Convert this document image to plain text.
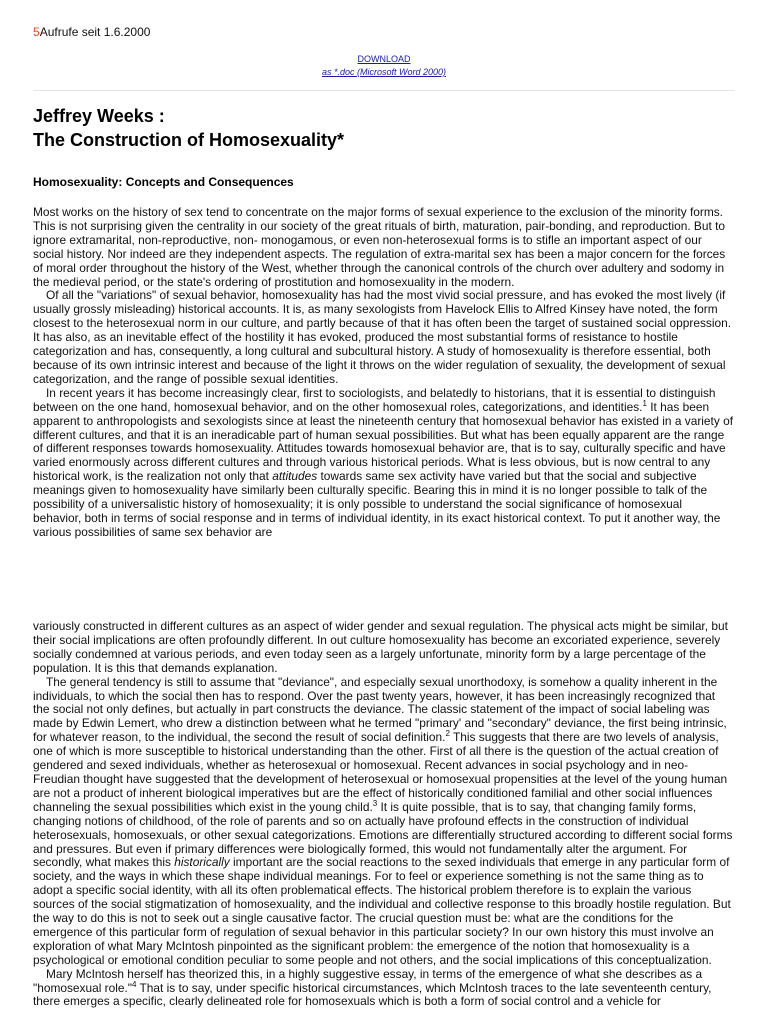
5Aufrufe seit 1.6.2000
DOWNLOAD
as *.doc (Microsoft Word 2000)
Jeffrey Weeks :
The Construction of Homosexuality*
Homosexuality: Concepts and Consequences

Most works on the history of sex tend to concentrate on the major forms of sexual experience to the exclusion of the minority forms. This is not surprising given the centrality in our society of the great rituals of birth, maturation, pair-bonding, and reproduction. But to ignore extramarital, non-reproductive, non- monogamous, or even non-heterosexual forms is to stifle an important aspect of our social history. Nor indeed are they independent aspects. The regulation of extra-marital sex has been a major concern for the forces of moral order throughout the history of the West, whether through the canonical controls of the church over adultery and sodomy in the medieval period, or the state's ordering of prostitution and homosexuality in the modern.

Of all the "variations" of sexual behavior, homosexuality has had the most vivid social pressure, and has evoked the most lively (if usually grossly misleading) historical accounts. It is, as many sexologists from Havelock Ellis to Alfred Kinsey have noted, the form closest to the heterosexual norm in our culture, and partly because of that it has often been the target of sustained social oppression. It has also, as an inevitable effect of the hostility it has evoked, produced the most substantial forms of resistance to hostile categorization and has, consequently, a long cultural and subcultural history. A study of homosexuality is therefore essential, both because of its own intrinsic interest and because of the light it throws on the wider regulation of sexuality, the development of sexual categorization, and the range of possible sexual identities.

In recent years it has become increasingly clear, first to sociologists, and belatedly to historians, that it is essential to distinguish between on the one hand, homosexual behavior, and on the other homosexual roles, categorizations, and identities.$^1$ It has been apparent to anthropologists and sexologists since at least the nineteenth century that homosexual behavior has existed in a variety of different cultures, and that it is an ineradicable part of human sexual possibilities. But what has been equally apparent are the range of different responses towards homosexuality. Attitudes towards homosexual behavior are, that is to say, culturally specific and have varied enormously across different cultures and through various historical periods. What is less obvious, but is now central to any historical work, is the realization not only that attitudes towards same sex activity have varied but that the social and subjective meanings given to homosexuality have similarly been culturally specific. Bearing this in mind it is no longer possible to talk of the possibility of a universalistic history of homosexuality; it is only possible to understand the social significance of homosexual behavior, both in terms of social response and in terms of individual identity, in its exact historical context. To put it another way, the various possibilities of same sex behavior are

variously constructed in different cultures as an aspect of wider gender and sexual regulation. The physical acts might be similar, but their social implications are often profoundly different. In out culture homosexuality has become an excoriated experience, severely socially condemned at various periods, and even today seen as a largely unfortunate, minority form by a large percentage of the population. It is this that demands explanation.

The general tendency is still to assume that "deviance", and especially sexual unorthodoxy, is somehow a quality inherent in the individuals, to which the social then has to respond. Over the past twenty years, however, it has been increasingly recognized that the social not only defines, but actually in part constructs the deviance. The classic statement of the impact of social labeling was made by Edwin Lemert, who drew a distinction between what he termed "primary' and "secondary" deviance, the first being intrinsic, for whatever reason, to the individual, the second the result of social definition.$^2$ This suggests that there are two levels of analysis, one of which is more susceptible to historical understanding than the other. First of all there is the question of the actual creation of gendered and sexed individuals, whether as heterosexual or homosexual. Recent advances in social psychology and in neo-Freudian thought have suggested that the development of heterosexual or homosexual propensities at the level of the young human are not a product of inherent biological imperatives but are the effect of historically conditioned familial and other social influences channeling the sexual possibilities which exist in the young child.$^3$ It is quite possible, that is to say, that changing family forms, changing notions of childhood, of the role of parents and so on actually have profound effects in the construction of individual heterosexuals, homosexuals, or other sexual categorizations. Emotions are differentially structured according to different social forms and pressures. But even if primary differences were biologically formed, this would not fundamentally alter the argument. For secondly, what makes this historically important are the social reactions to the sexed individuals that emerge in any particular form of society, and the ways in which these shape individual meanings. For to feel or experience something is not the same thing as to adopt a specific social identity, with all its often problematical effects. The historical problem therefore is to explain the various sources of the social stigmatization of homosexuality, and the individual and collective response to this broadly hostile regulation. But the way to do this is not to seek out a single causative factor. The crucial question must be: what are the conditions for the emergence of this particular form of regulation of sexual behavior in this particular society? In our own history this must involve an exploration of what Mary McIntosh pinpointed as the significant problem: the emergence of the notion that homosexuality is a psychological or emotional condition peculiar to some people and not others, and the social implications of this conceptualization.

Mary McIntosh herself has theorized this, in a highly suggestive essay, in terms of the emergence of what she describes as a "homosexual role."$^4$ That is to say, under specific historical circumstances, which McIntosh traces to the late seventeenth century, there emerges a specific, clearly delineated role for homosexuals which is both a form of social control and a vehicle for
